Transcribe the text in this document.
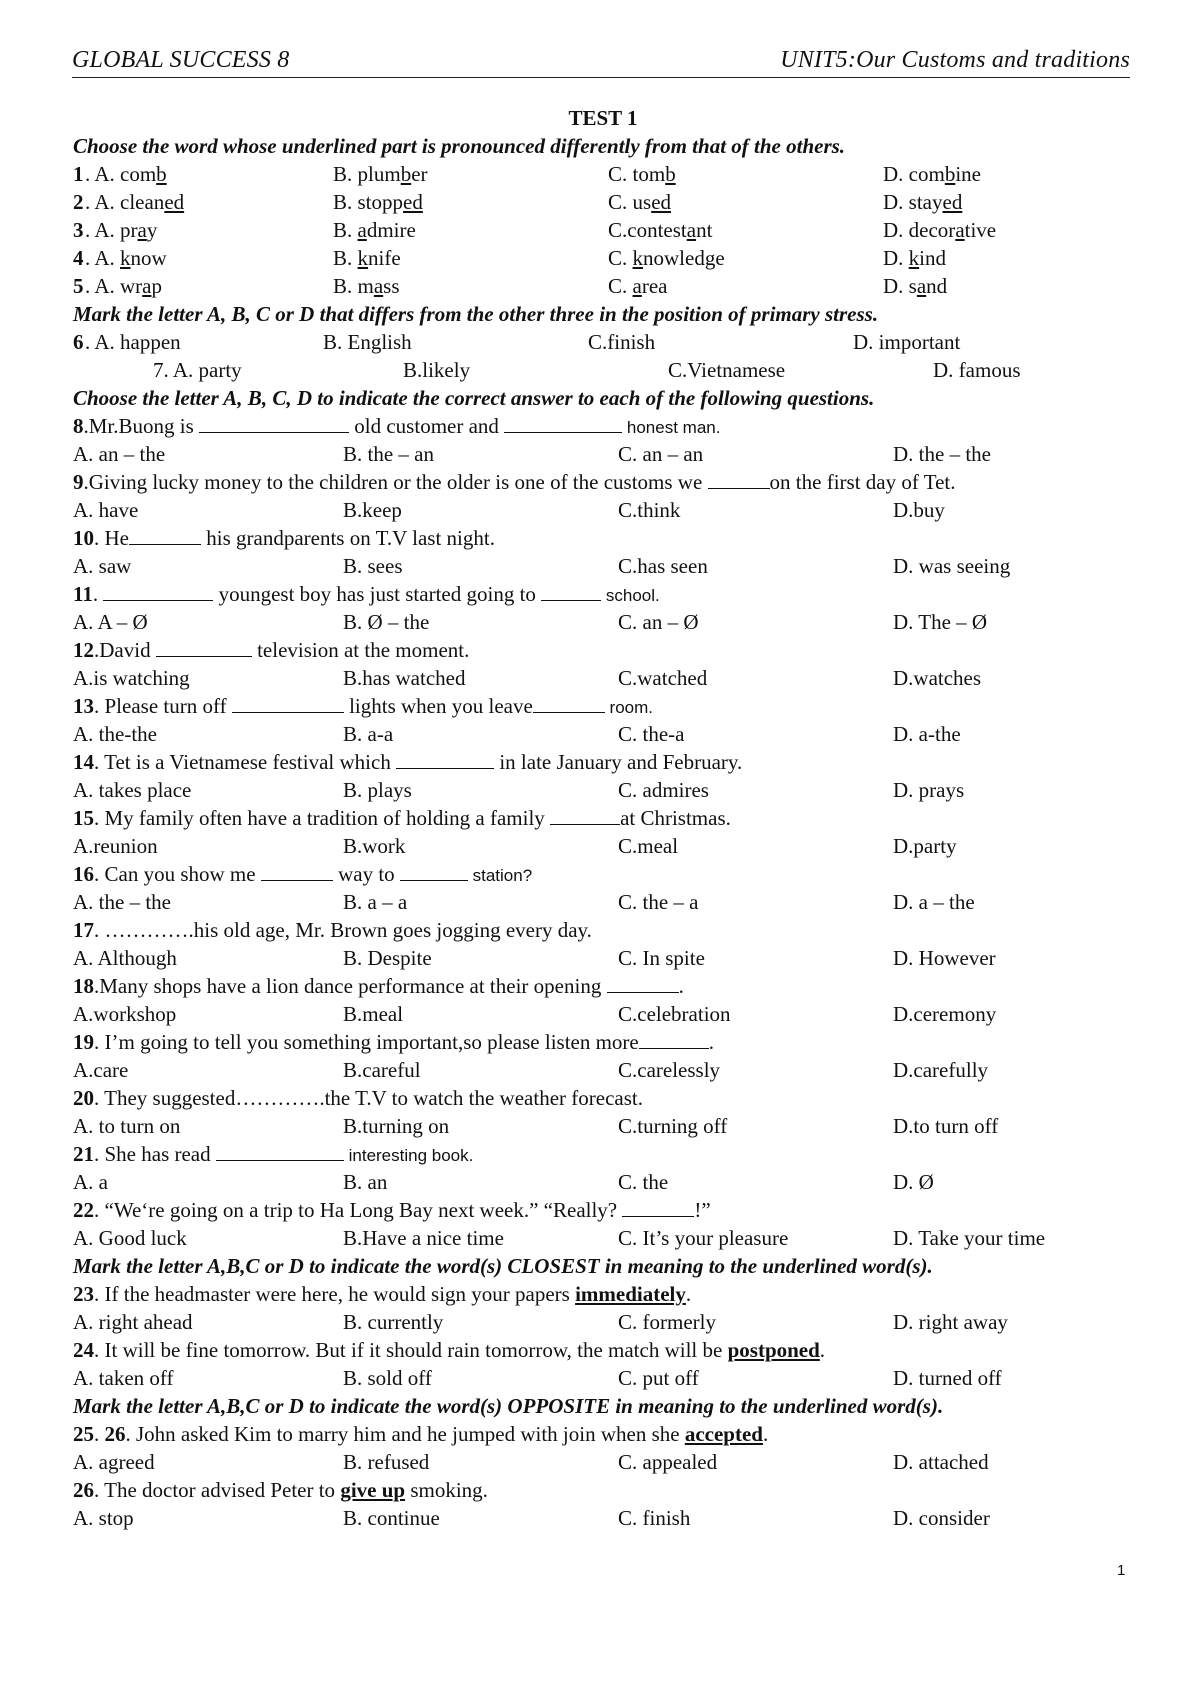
GLOBAL SUCCESS 8	UNIT5:Our Customs and traditions
TEST 1
Choose the word whose underlined part is pronounced differently from that of the others.
1 . A. comb	B. plumber	C. tomb	D. combine
2 . A. cleaned	B. stopped	C. used	D. stayed
3 . A. pray	B. admire	C.contestant	D. decorative
4 . A. know	B. knife	C. knowledge	D. kind
5 . A. wrap	B. mass	C. area	D. sand
Mark the letter A, B, C or D that differs from the other three in the position of primary stress.
6 . A. happen	B. English	C.finish	D. important
7. A. party	B.likely	C.Vietnamese	D. famous
Choose the letter A, B, C, D to indicate the correct answer to each of the following questions.
8.Mr.Buong is	old customer and	honest man.
A. an – the	B. the – an	C. an – an	D. the – the
9.Giving lucky money to the children or the older is one of the customs we	on the first day of Tet.
A. have	B.keep	C.think	D.buy
10. He	his grandparents on T.V last night.
A. saw	B. sees	C.has seen	D. was seeing
11.	youngest boy has just started going to	school.
A. A – Ø	B. Ø – the	C. an – Ø	D. The – Ø
12.David	television at the moment.
A.is watching	B.has watched	C.watched	D.watches
13. Please turn off	lights when you leave	room.
A. the-the	B. a-a	C. the-a	D. a-the
14. Tet is a Vietnamese festival which	in late January and February.
A. takes place	B. plays	C. admires	D. prays
15. My family often have a tradition of holding a family	at Christmas.
A.reunion	B.work	C.meal	D.party
16. Can you show me	way to	station?
A. the – the	B. a – a	C. the – a	D. a – the
17. ………….his old age, Mr. Brown goes jogging every day.
A. Although	B. Despite	C. In spite	D. However
18.Many shops have a lion dance performance at their opening	.
A.workshop	B.meal	C.celebration	D.ceremony
19. I’m going to tell you something important,so please listen more	.
A.care	B.careful	C.carelessly	D.carefully
20. They suggested………….the T.V to watch the weather forecast.
A. to turn on	B.turning on	C.turning off	D.to turn off
21. She has read	interesting book.
A. a	B. an	C. the	D. Ø
22. “We‘re going on a trip to Ha Long Bay next week.” “Really?	!”
A. Good luck	B.Have a nice time	C. It’s your pleasure	D. Take your time
Mark the letter A,B,C or D to indicate the word(s) CLOSEST in meaning to the underlined word(s).
23. If the headmaster were here, he would sign your papers immediately.
A. right ahead	B. currently	C. formerly	D. right away
24. It will be fine tomorrow. But if it should rain tomorrow, the match will be postponed.
A. taken off	B. sold off	C. put off	D. turned off
Mark the letter A,B,C or D to indicate the word(s) OPPOSITE in meaning to the underlined word(s).
25. 26. John asked Kim to marry him and he jumped with join when she accepted.
A. agreed	B. refused	C. appealed	D. attached
26. The doctor advised Peter to give up smoking.
A. stop	B. continue	C. finish	D. consider
1
